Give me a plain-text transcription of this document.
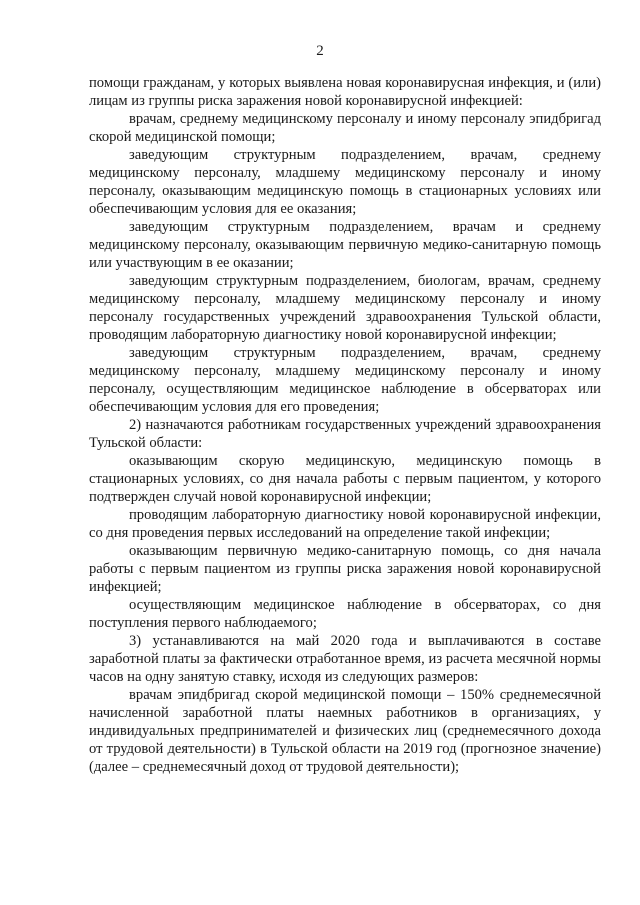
2

помощи гражданам, у которых выявлена новая коронавирусная инфекция, и (или) лицам из группы риска заражения новой коронавирусной инфекцией:

врачам, среднему медицинскому персоналу и иному персоналу эпидбригад скорой медицинской помощи;

заведующим структурным подразделением, врачам, среднему медицинскому персоналу, младшему медицинскому персоналу и иному персоналу, оказывающим медицинскую помощь в стационарных условиях или обеспечивающим условия для ее оказания;

заведующим структурным подразделением, врачам и среднему медицинскому персоналу, оказывающим первичную медико-санитарную помощь или участвующим в ее оказании;

заведующим структурным подразделением, биологам, врачам, среднему медицинскому персоналу, младшему медицинскому персоналу и иному персоналу государственных учреждений здравоохранения Тульской области, проводящим лабораторную диагностику новой коронавирусной инфекции;

заведующим структурным подразделением, врачам, среднему медицинскому персоналу, младшему медицинскому персоналу и иному персоналу, осуществляющим медицинское наблюдение в обсерваторах или обеспечивающим условия для его проведения;

2) назначаются работникам государственных учреждений здравоохранения Тульской области:

оказывающим скорую медицинскую, медицинскую помощь в стационарных условиях, со дня начала работы с первым пациентом, у которого подтвержден случай новой коронавирусной инфекции;

проводящим лабораторную диагностику новой коронавирусной инфекции, со дня проведения первых исследований на определение такой инфекции;

оказывающим первичную медико-санитарную помощь, со дня начала работы с первым пациентом из группы риска заражения новой коронавирусной инфекцией;

осуществляющим медицинское наблюдение в обсерваторах, со дня поступления первого наблюдаемого;

3) устанавливаются на май 2020 года и выплачиваются в составе заработной платы за фактически отработанное время, из расчета месячной нормы часов на одну занятую ставку, исходя из следующих размеров:

врачам эпидбригад скорой медицинской помощи – 150% среднемесячной начисленной заработной платы наемных работников в организациях, у индивидуальных предпринимателей и физических лиц (среднемесячного дохода от трудовой деятельности) в Тульской области на 2019 год (прогнозное значение) (далее – среднемесячный доход от трудовой деятельности);
